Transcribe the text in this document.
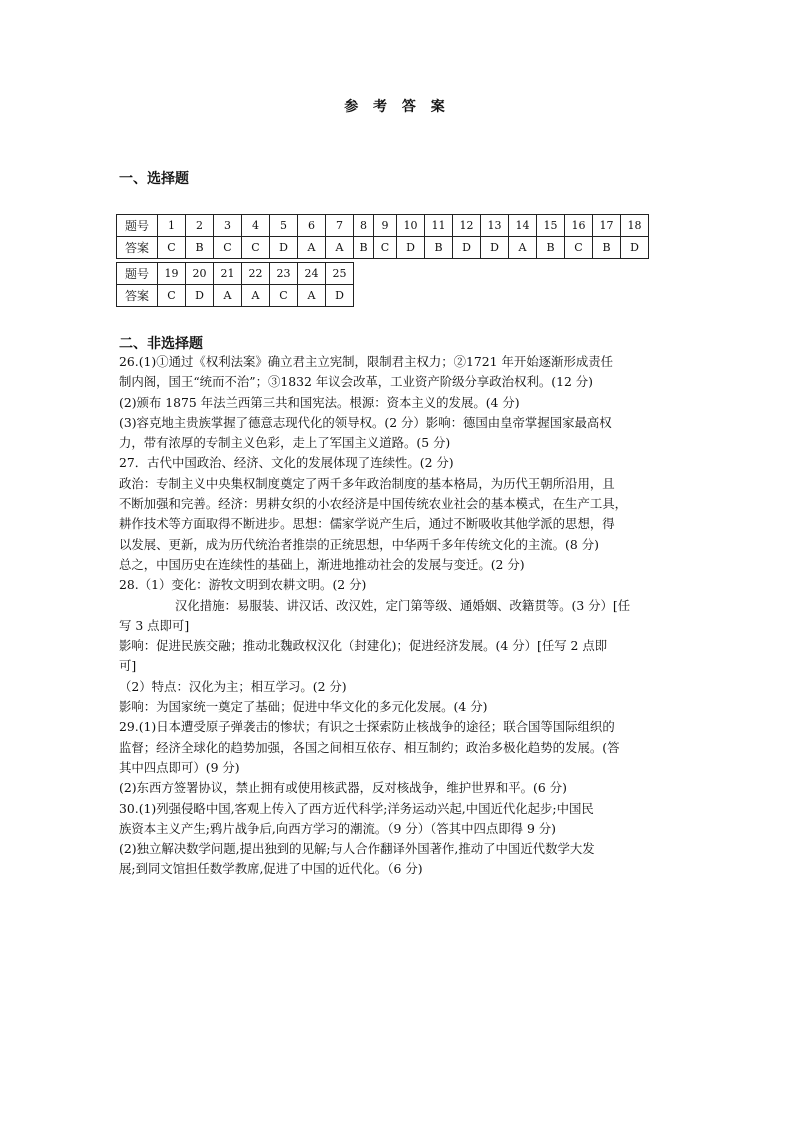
参 考 答 案
一、选择题
题号	1	2	3	4	5	6	7	8	9	10	11	12	13	14	15	16	17	18
答案	C	B	C	C	D	A	A	B	C	D	B	D	D	A	B	C	B	D
题号	19	20	21	22	23	24	25
答案	C	D	A	A	C	A	D
二、非选择题

26.(1)①通过《权利法案》确立君主立宪制，限制君主权力；②1721 年开始逐渐形成责任

制内阁，国王“统而不治”；③1832 年议会改革，工业资产阶级分享政治权利。(12 分)

(2)颁布 1875 年法兰西第三共和国宪法。根源：资本主义的发展。(4 分)

(3)容克地主贵族掌握了德意志现代化的领导权。(2 分）影响：德国由皇帝掌握国家最高权

力，带有浓厚的专制主义色彩，走上了军国主义道路。(5 分)

27．古代中国政治、经济、文化的发展体现了连续性。(2 分)

政治：专制主义中央集权制度奠定了两千多年政治制度的基本格局，为历代王朝所沿用，且

不断加强和完善。经济：男耕女织的小农经济是中国传统农业社会的基本模式，在生产工具，

耕作技术等方面取得不断进步。思想：儒家学说产生后，通过不断吸收其他学派的思想，得

以发展、更新，成为历代统治者推崇的正统思想，中华两千多年传统文化的主流。(8 分)

总之，中国历史在连续性的基础上，渐进地推动社会的发展与变迁。(2 分)

28.（1）变化：游牧文明到农耕文明。(2 分)

汉化措施：易服装、讲汉话、改汉姓，定门第等级、通婚姻、改籍贯等。(3 分）[任

写 3 点即可]

影响：促进民族交融；推动北魏政权汉化（封建化)；促进经济发展。(4 分）[任写 2 点即

可]

（2）特点：汉化为主；相互学习。(2 分)

影响：为国家统一奠定了基础；促进中华文化的多元化发展。(4 分)

29.(1)日本遭受原子弹袭击的惨状；有识之士探索防止核战争的途径；联合国等国际组织的

监督；经济全球化的趋势加强，各国之间相互依存、相互制约；政治多极化趋势的发展。(答

其中四点即可）(9 分)

(2)东西方签署协议，禁止拥有或使用核武器，反对核战争，维护世界和平。(6 分)

30.(1)列强侵略中国,客观上传入了西方近代科学;洋务运动兴起,中国近代化起步;中国民

族资本主义产生;鸦片战争后,向西方学习的潮流。（9 分）（答其中四点即得 9 分)

(2)独立解决数学问题,提出独到的见解;与人合作翻译外国著作,推动了中国近代数学大发

展;到同文馆担任数学教席,促进了中国的近代化。（6 分)
